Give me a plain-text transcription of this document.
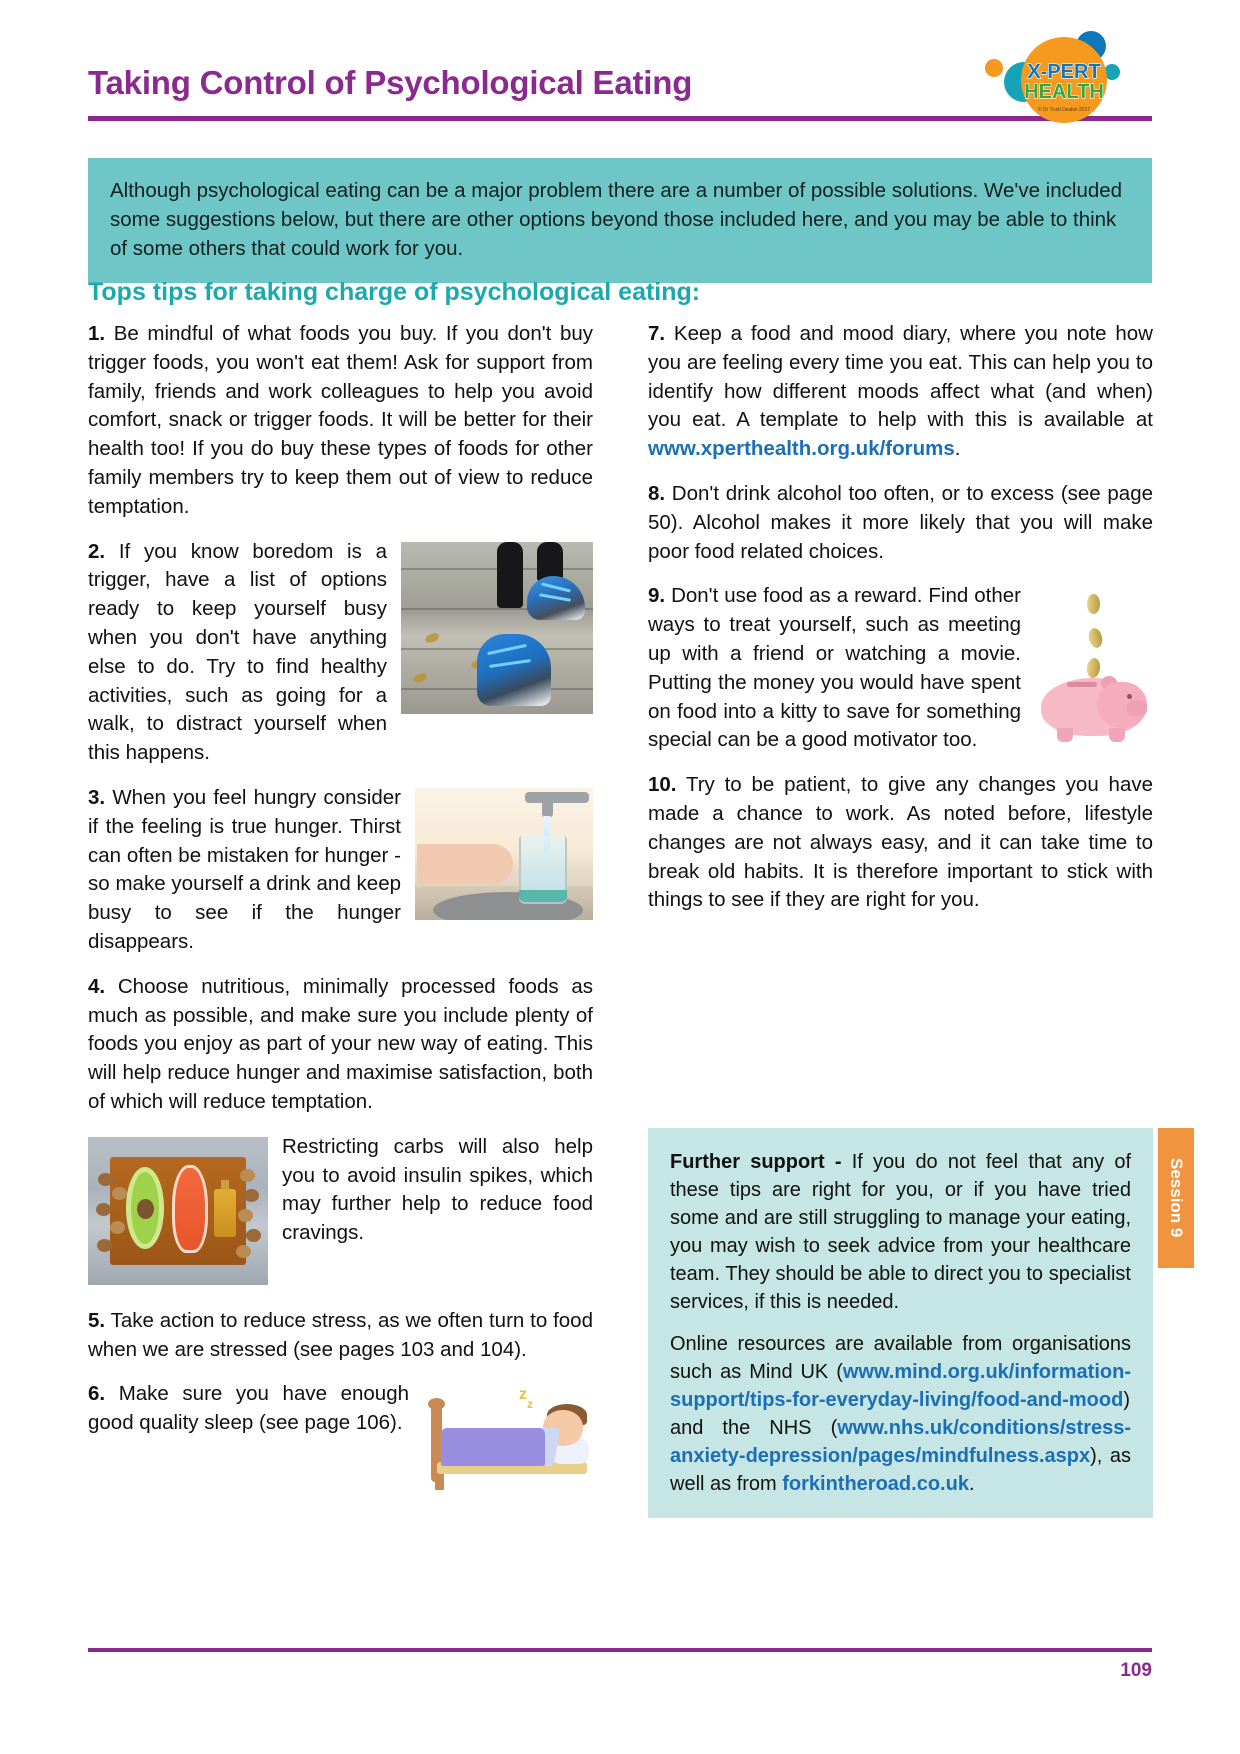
Taking Control of Psychological Eating	X-PERT
HEALTH
© Dr Trudi Deakin 2017

Although psychological eating can be a major problem there are a number of possible solutions. We've included some suggestions below, but there are other options beyond those included here, and you may be able to think of some others that could work for you.

Tops tips for taking charge of psychological eating:

1. Be mindful of what foods you buy. If you don't buy trigger foods, you won't eat them! Ask for support from family, friends and work colleagues to help you avoid comfort, snack or trigger foods. It will be better for their health too! If you do buy these types of foods for other family members try to keep them out of view to reduce temptation.

2. If you know boredom is a trigger, have a list of options ready to keep yourself busy when you don't have anything else to do. Try to find healthy activities, such as going for a walk, to distract yourself when this happens.

3. When you feel hungry consider if the feeling is true hunger. Thirst can often be mistaken for hunger - so make yourself a drink and keep busy to see if the hunger disappears.

4. Choose nutritious, minimally processed foods as much as possible, and make sure you include plenty of foods you enjoy as part of your new way of eating. This will help reduce hunger and maximise satisfaction, both of which will reduce temptation.

Restricting carbs will also help you to avoid insulin spikes, which may further help to reduce food cravings.

5. Take action to reduce stress, as we often turn to food when we are stressed (see pages 103 and 104).

z
z
6. Make sure you have enough good quality sleep (see page 106).

7. Keep a food and mood diary, where you note how you are feeling every time you eat. This can help you to identify how different moods affect what (and when) you eat. A template to help with this is available at www.xperthealth.org.uk/forums.

8. Don't drink alcohol too often, or to excess (see page 50). Alcohol makes it more likely that you will make poor food related choices.

9. Don't use food as a reward. Find other ways to treat yourself, such as meeting up with a friend or watching a movie. Putting the money you would have spent on food into a kitty to save for something special can be a good motivator too.

10. Try to be patient, to give any changes you have made a chance to work. As noted before, lifestyle changes are not always easy, and it can take time to break old habits. It is therefore important to stick with things to see if they are right for you.

Further support - If you do not feel that any of these tips are right for you, or if you have tried some and are still struggling to manage your eating, you may wish to seek advice from your healthcare team. They should be able to direct you to specialist services, if this is needed.

Online resources are available from organisations such as Mind UK (www.mind.org.uk/information-support/tips-for-everyday-living/food-and-mood) and the NHS (www.nhs.uk/conditions/stress-anxiety-depression/pages/mindfulness.aspx), as well as from forkintheroad.co.uk.

Session 9
109
